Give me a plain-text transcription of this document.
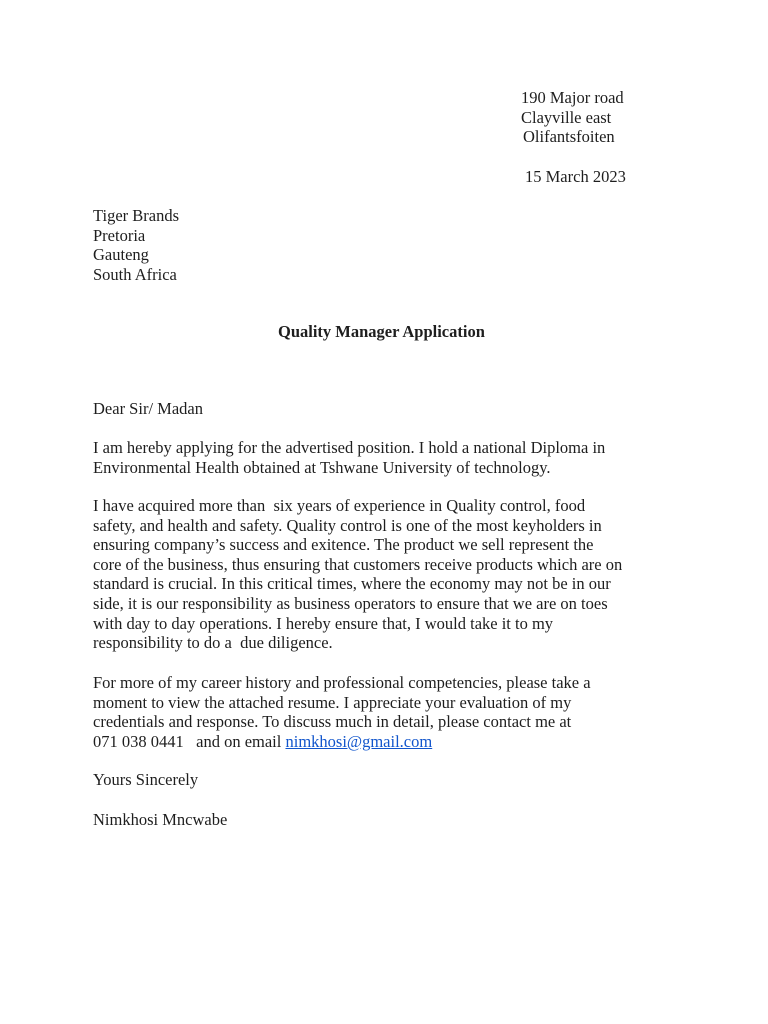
190 Major road
Clayville east
Olifantsfoiten

15 March 2023

Tiger Brands
Pretoria
Gauteng
South Africa

Quality Manager Application

Dear Sir/ Madan

I am hereby applying for the advertised position. I hold a national Diploma in
Environmental Health obtained at Tshwane University of technology.
I have acquired more than  six years of experience in Quality control, food
safety, and health and safety. Quality control is one of the most keyholders in
ensuring company’s success and exitence. The product we sell represent the
core of the business, thus ensuring that customers receive products which are on
standard is crucial. In this critical times, where the economy may not be in our
side, it is our responsibility as business operators to ensure that we are on toes
with day to day operations. I hereby ensure that, I would take it to my
responsibility to do a  due diligence.
For more of my career history and professional competencies, please take a
moment to view the attached resume. I appreciate your evaluation of my
credentials and response. To discuss much in detail, please contact me at
071 038 0441   and on email nimkhosi@gmail.com

Yours Sincerely

Nimkhosi Mncwabe
